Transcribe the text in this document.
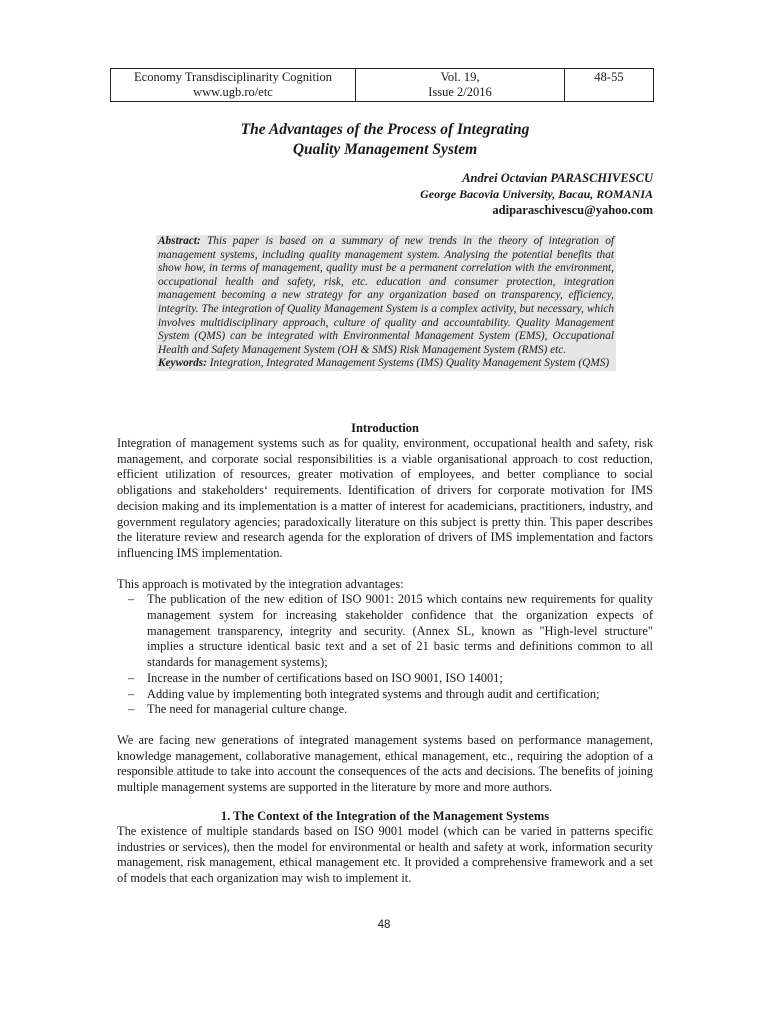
Economy Transdisciplinarity Cognition
www.ugb.ro/etc

Vol. 19,
Issue 2/2016

48-55
The Advantages of the Process of Integrating
Quality Management System
Andrei Octavian PARASCHIVESCU
George Bacovia University, Bacau, ROMANIA
adiparaschivescu@yahoo.com
Abstract: This paper is based on a summary of new trends in the theory of integration of management systems, including quality management system. Analysing the potential benefits that show how, in terms of management, quality must be a permanent correlation with the environment, occupational health and safety, risk, etc. education and consumer protection, integration management becoming a new strategy for any organization based on transparency, efficiency, integrity. The integration of Quality Management System is a complex activity, but necessary, which involves multidisciplinary approach, culture of quality and accountability. Quality Management System (QMS) can be integrated with Environmental Management System (EMS), Occupational Health and Safety Management System (OH & SMS) Risk Management System (RMS) etc.
Keywords: Integration, Integrated Management Systems (IMS) Quality Management System (QMS)
Introduction

Integration of management systems such as for quality, environment, occupational health and safety, risk management, and corporate social responsibilities is a viable organisational approach to cost reduction, efficient utilization of resources, greater motivation of employees, and better compliance to social obligations and stakeholders‘ requirements. Identification of drivers for corporate motivation for IMS decision making and its implementation is a matter of interest for academicians, practitioners, industry, and government regulatory agencies; paradoxically literature on this subject is pretty thin. This paper describes the literature review and research agenda for the exploration of drivers of IMS implementation and factors influencing IMS implementation.

This approach is motivated by the integration advantages:

– The publication of the new edition of ISO 9001: 2015 which contains new requirements for quality management system for increasing stakeholder confidence that the organization expects of management transparency, integrity and security. (Annex SL, known as "High-level structure" implies a structure identical basic text and a set of 21 basic terms and definitions common to all standards for management systems);
– Increase in the number of certifications based on ISO 9001, ISO 14001;
– Adding value by implementing both integrated systems and through audit and certification;
– The need for managerial culture change.

We are facing new generations of integrated management systems based on performance management, knowledge management, collaborative management, ethical management, etc., requiring the adoption of a responsible attitude to take into account the consequences of the acts and decisions. The benefits of joining multiple management systems are supported in the literature by more and more authors.

1. The Context of the Integration of the Management Systems

The existence of multiple standards based on ISO 9001 model (which can be varied in patterns specific industries or services), then the model for environmental or health and safety at work, information security management, risk management, ethical management etc. It provided a comprehensive framework and a set of models that each organization may wish to implement it.

48
